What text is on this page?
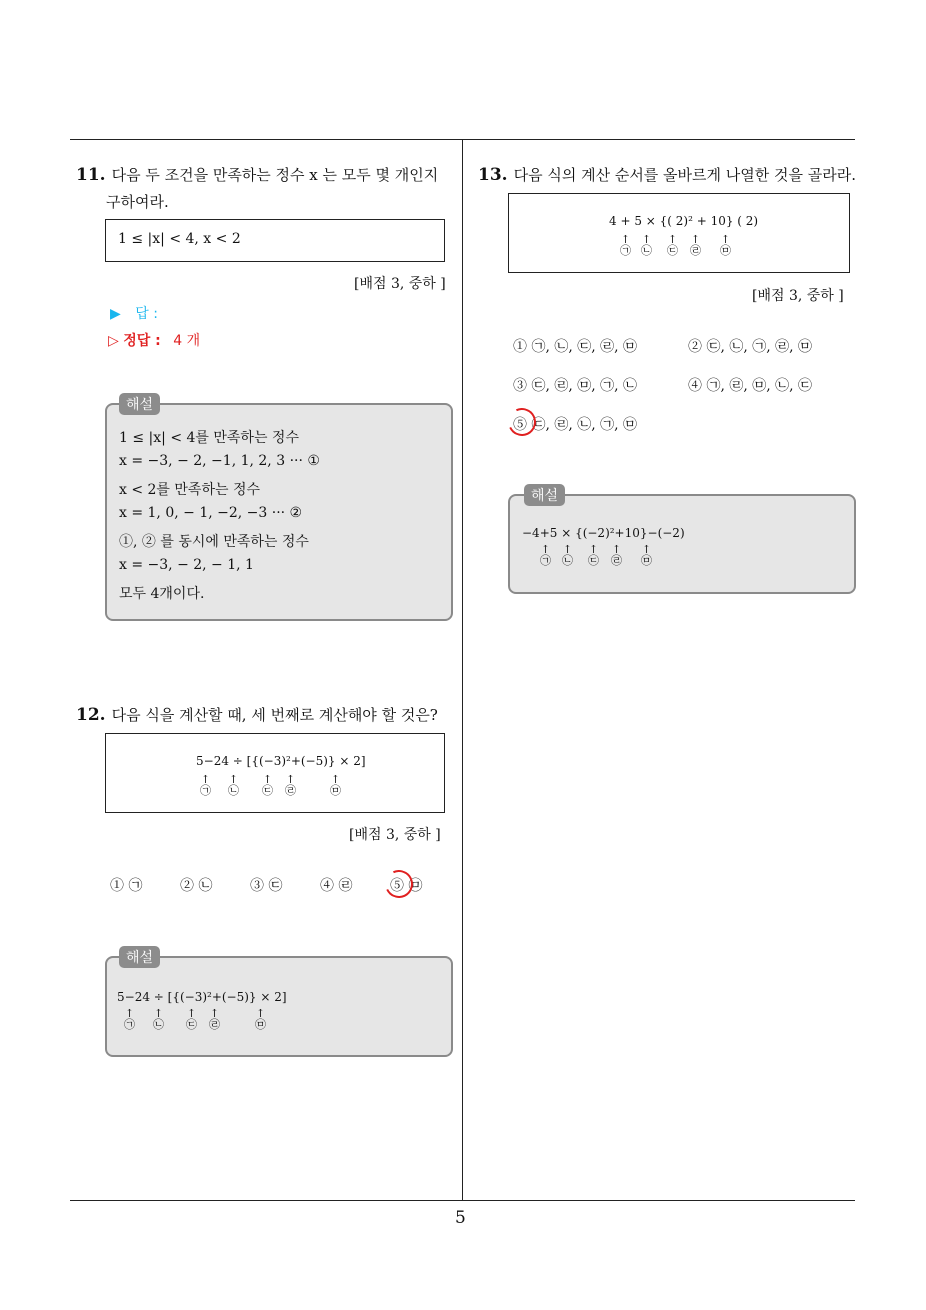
11. 다음 두 조건을 만족하는 정수 x 는 모두 몇 개인지
구하여라.
1 ≤ |x| < 4, x < 2
[배점 3, 중하 ]
▶ 답 :
▷ 정답 : 4 개
해설
1 ≤ |x| < 4를 만족하는 정수
x = −3, − 2, −1, 1, 2, 3 ··· ①
x < 2를 만족하는 정수
x = 1, 0, − 1, −2, −3 ··· ②
①, ② 를 동시에 만족하는 정수
x = −3, − 2, − 1, 1
모두 4개이다.
12. 다음 식을 계산할 때, 세 번째로 계산해야 할 것은?
5−24 ÷ [{(−3)²+(−5)} × 2]
↑
㉠
↑
㉡
↑
㉢
↑
㉣
↑
㉤
[배점 3, 중하 ]
① ㉠	② ㉡	③ ㉢	④ ㉣	⑤ ㉤
해설
5−24 ÷ [{(−3)²+(−5)} × 2]
↑
㉠
↑
㉡
↑
㉢
↑
㉣
↑
㉤
13. 다음 식의 계산 순서를 올바르게 나열한 것을 골라라.
4 + 5 × {( 2)² + 10} ( 2)
↑
㉠
↑
㉡
↑
㉢
↑
㉣
↑
㉤
[배점 3, 중하 ]
① ㉠, ㉡, ㉢, ㉣, ㉤	② ㉢, ㉡, ㉠, ㉣, ㉤
③ ㉢, ㉣, ㉤, ㉠, ㉡	④ ㉠, ㉣, ㉤, ㉡, ㉢
⑤ ㉢, ㉣, ㉡, ㉠, ㉤
해설
−4+5 × {(−2)²+10}−(−2)
↑
㉠
↑
㉡
↑
㉢
↑
㉣
↑
㉤
5
